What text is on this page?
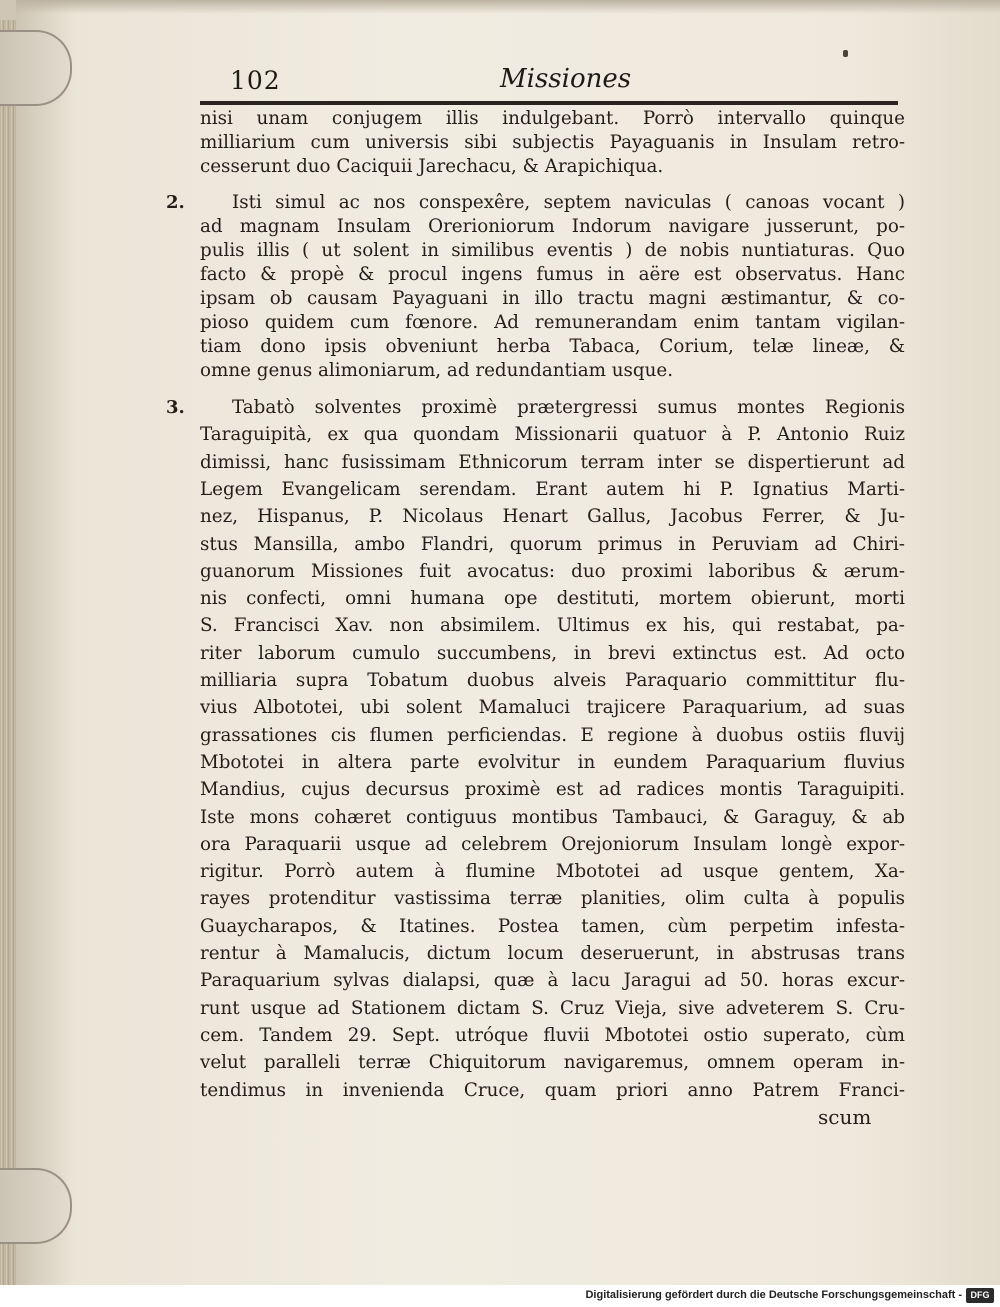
102	Missiones
nisi unam conjugem illis indulgebant. Porrò intervallo quinque
milliarium cum universis sibi subjectis Payaguanis in Insulam retro-
cesserunt duo Caciquii Jarechacu, & Arapichiqua.
2.	Isti simul ac nos conspexêre, septem naviculas ( canoas vocant )
ad magnam Insulam Orerioniorum Indorum navigare jusserunt, po-
pulis illis ( ut solent in similibus eventis ) de nobis nuntiaturas. Quo
facto & propè & procul ingens fumus in aëre est observatus. Hanc
ipsam ob causam Payaguani in illo tractu magni æstimantur, & co-
pioso quidem cum fœnore. Ad remunerandam enim tantam vigilan-
tiam dono ipsis obveniunt herba Tabaca, Corium, telæ lineæ, &
omne genus alimoniarum, ad redundantiam usque.
3.	Tabatò solventes proximè prætergressi sumus montes Regionis
Taraguipità, ex qua quondam Missionarii quatuor à P. Antonio Ruiz
dimissi, hanc fusissimam Ethnicorum terram inter se dispertierunt ad
Legem Evangelicam serendam. Erant autem hi P. Ignatius Marti-
nez, Hispanus, P. Nicolaus Henart Gallus, Jacobus Ferrer, & Ju-
stus Mansilla, ambo Flandri, quorum primus in Peruviam ad Chiri-
guanorum Missiones fuit avocatus: duo proximi laboribus & ærum-
nis confecti, omni humana ope destituti, mortem obierunt, morti
S. Francisci Xav. non absimilem. Ultimus ex his, qui restabat, pa-
riter laborum cumulo succumbens, in brevi extinctus est. Ad octo
milliaria supra Tobatum duobus alveis Paraquario committitur flu-
vius Albototei, ubi solent Mamaluci trajicere Paraquarium, ad suas
grassationes cis flumen perficiendas. E regione à duobus ostiis fluvij
Mbototei in altera parte evolvitur in eundem Paraquarium fluvius
Mandius, cujus decursus proximè est ad radices montis Taraguipiti.
Iste mons cohæret contiguus montibus Tambauci, & Garaguy, & ab
ora Paraquarii usque ad celebrem Orejoniorum Insulam longè expor-
rigitur. Porrò autem à flumine Mbototei ad usque gentem, Xa-
rayes protenditur vastissima terræ planities, olim culta à populis
Guaycharapos, & Itatines. Postea tamen, cùm perpetim infesta-
rentur à Mamalucis, dictum locum deseruerunt, in abstrusas trans
Paraquarium sylvas dialapsi, quæ à lacu Jaragui ad 50. horas excur-
runt usque ad Stationem dictam S. Cruz Vieja, sive adveterem S. Cru-
cem. Tandem 29. Sept. utróque fluvii Mbototei ostio superato, cùm
velut paralleli terræ Chiquitorum navigaremus, omnem operam in-
tendimus in invenienda Cruce, quam priori anno Patrem Franci-
scum
Digitalisierung gefördert durch die Deutsche Forschungsgemeinschaft - DFG
